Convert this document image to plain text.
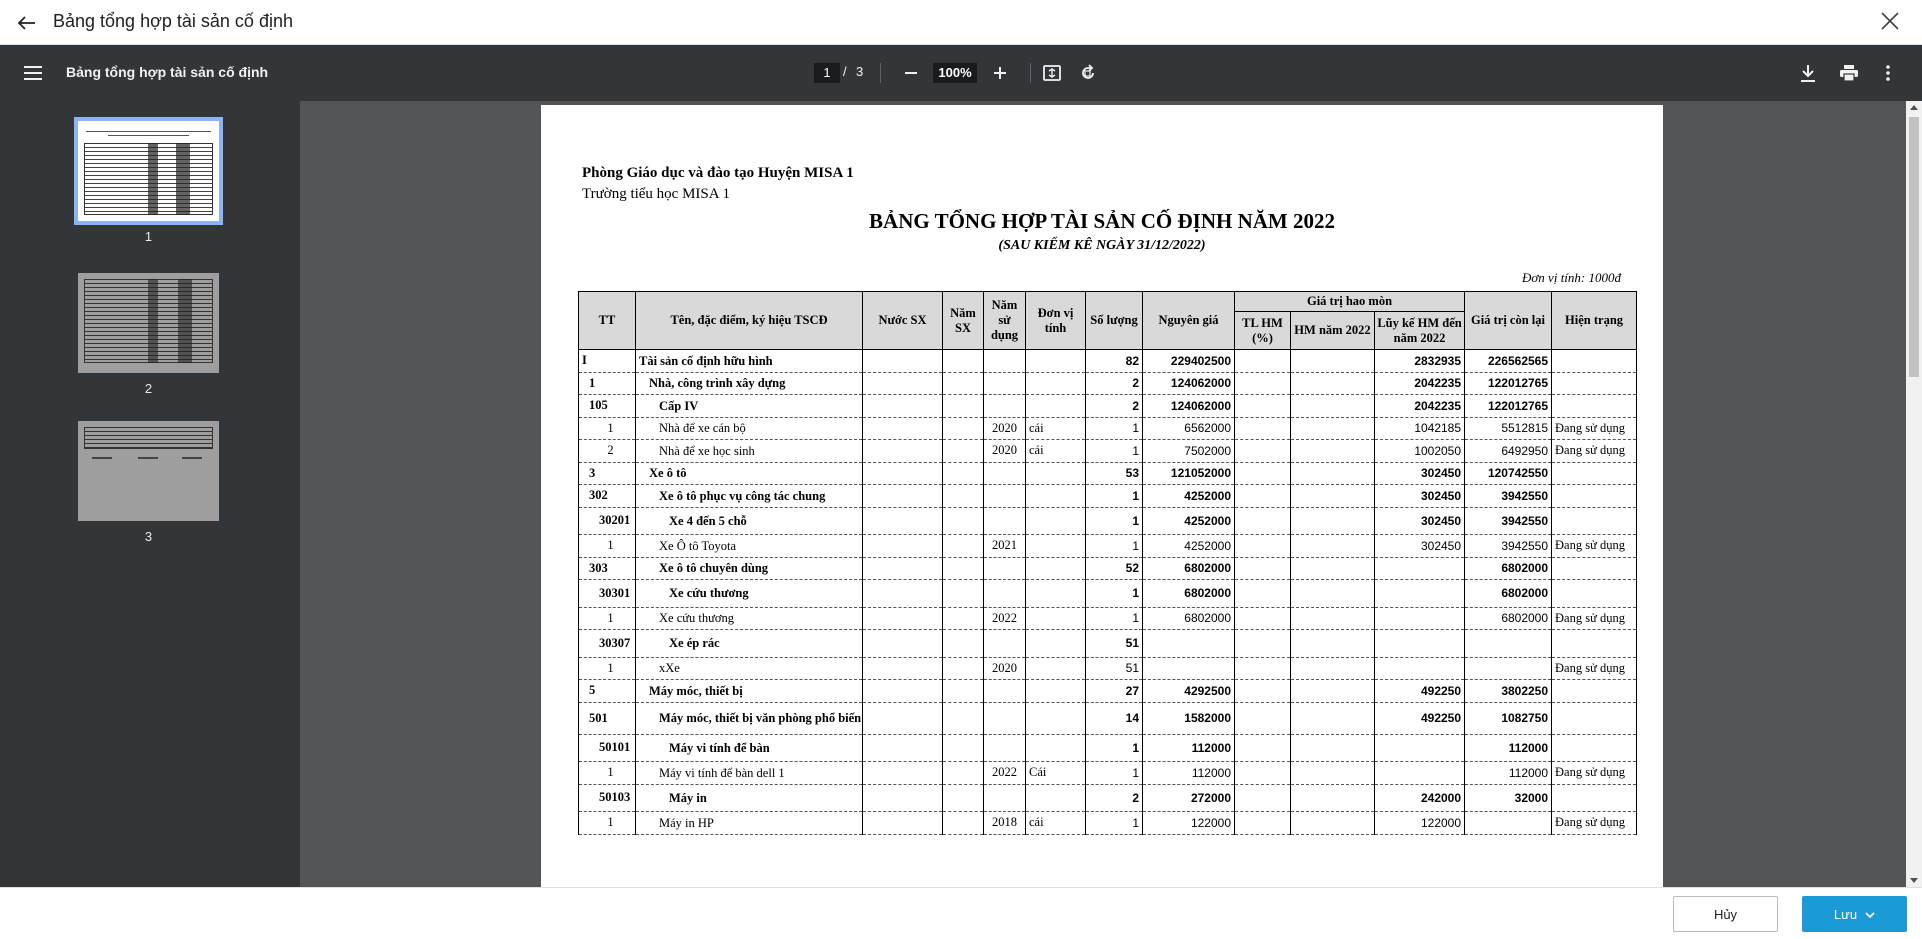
Bảng tổng hợp tài sản cố định
Bảng tổng hợp tài sản cố định	1 / 3	100%
1
2
3
Phòng Giáo dục và đào tạo Huyện MISA 1
Trường tiểu học MISA 1
BẢNG TỔNG HỢP TÀI SẢN CỐ ĐỊNH NĂM 2022
(SAU KIỂM KÊ NGÀY 31/12/2022)
Đơn vị tính: 1000đ
TT	Tên, đặc điểm, ký hiệu TSCĐ	Nước SX	Năm SX	Năm sử dụng	Đơn vị tính	Số lượng	Nguyên giá	Giá trị hao mòn			Giá trị còn lại	Hiện trạng
								TL HM (%)	HM năm 2022	Lũy kế HM đến năm 2022		
I	Tài sản cố định hữu hình					82	229402500			2832935	226562565	
1	Nhà, công trình xây dựng					2	124062000			2042235	122012765	
105	Cấp IV					2	124062000			2042235	122012765	
1	Nhà để xe cán bộ			2020	cái	1	6562000			1042185	5512815	Đang sử dụng
2	Nhà để xe học sinh			2020	cái	1	7502000			1002050	6492950	Đang sử dụng
3	Xe ô tô					53	121052000			302450	120742550	
302	Xe ô tô phục vụ công tác chung					1	4252000			302450	3942550	
30201	Xe 4 đến 5 chỗ					1	4252000			302450	3942550	
1	Xe Ô tô Toyota			2021		1	4252000			302450	3942550	Đang sử dụng
303	Xe ô tô chuyên dùng					52	6802000				6802000	
30301	Xe cứu thương					1	6802000				6802000	
1	Xe cứu thương			2022		1	6802000				6802000	Đang sử dụng
30307	Xe ép rác					51						
1	xXe			2020		51						Đang sử dụng
5	Máy móc, thiết bị					27	4292500			492250	3802250	
501	Máy móc, thiết bị văn phòng phổ biến					14	1582000			492250	1082750	
50101	Máy vi tính để bàn					1	112000				112000	
1	Máy vi tính để bàn dell 1			2022	Cái	1	112000				112000	Đang sử dụng
50103	Máy in					2	272000			242000	32000	
1	Máy in HP			2018	cái	1	122000			122000		Đang sử dụng
Hủy	Lưu
